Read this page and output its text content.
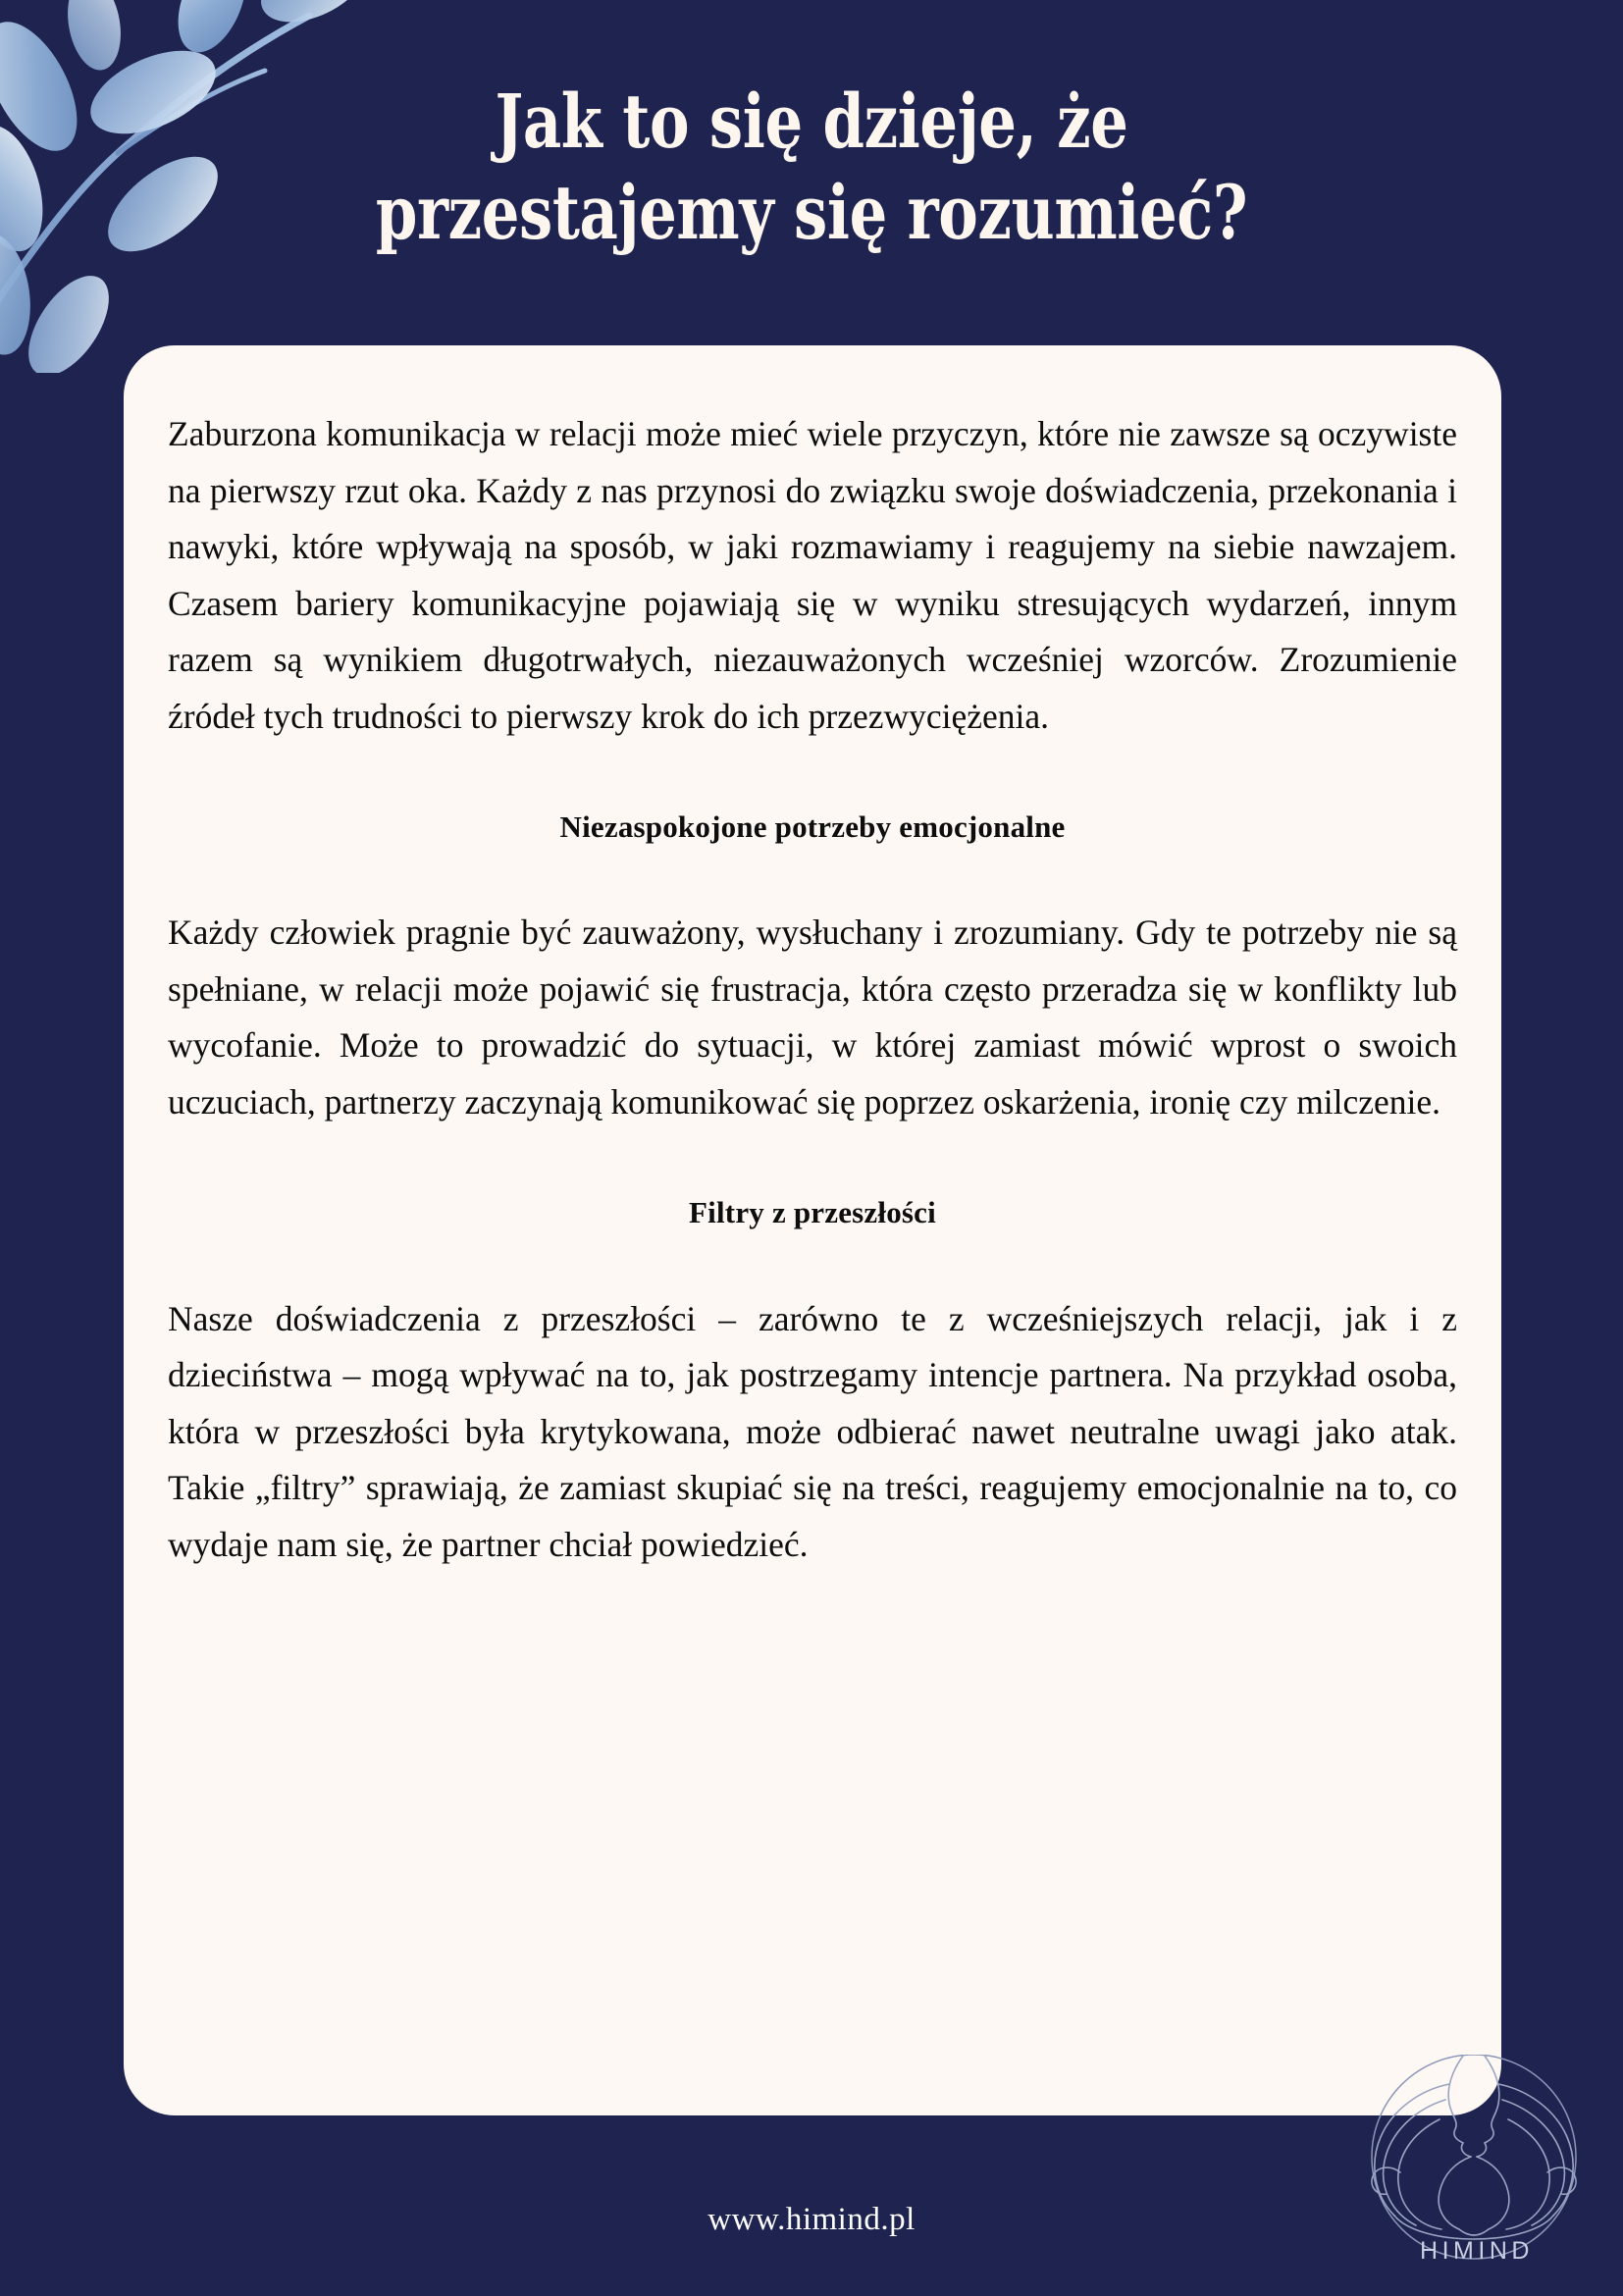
Jak to się dzieje, że
przestajemy się rozumieć?

Zaburzona komunikacja w relacji może mieć wiele przyczyn, które nie zawsze są oczywiste na pierwszy rzut oka. Każdy z nas przynosi do związku swoje doświadczenia, przekonania i nawyki, które wpływają na sposób, w jaki rozmawiamy i reagujemy na siebie nawzajem. Czasem bariery komunikacyjne pojawiają się w wyniku stresujących wydarzeń, innym razem są wynikiem długotrwałych, niezauważonych wcześniej wzorców. Zrozumienie źródeł tych trudności to pierwszy krok do ich przezwyciężenia.

Niezaspokojone potrzeby emocjonalne

Każdy człowiek pragnie być zauważony, wysłuchany i zrozumiany. Gdy te potrzeby nie są spełniane, w relacji może pojawić się frustracja, która często przeradza się w konflikty lub wycofanie. Może to prowadzić do sytuacji, w której zamiast mówić wprost o swoich uczuciach, partnerzy zaczynają komunikować się poprzez oskarżenia, ironię czy milczenie.

Filtry z przeszłości

Nasze doświadczenia z przeszłości – zarówno te z wcześniejszych relacji, jak i z dzieciństwa – mogą wpływać na to, jak postrzegamy intencje partnera. Na przykład osoba, która w przeszłości była krytykowana, może odbierać nawet neutralne uwagi jako atak. Takie „filtry” sprawiają, że zamiast skupiać się na treści, reagujemy emocjonalnie na to, co wydaje nam się, że partner chciał powiedzieć.

HIMIND
www.himind.pl
